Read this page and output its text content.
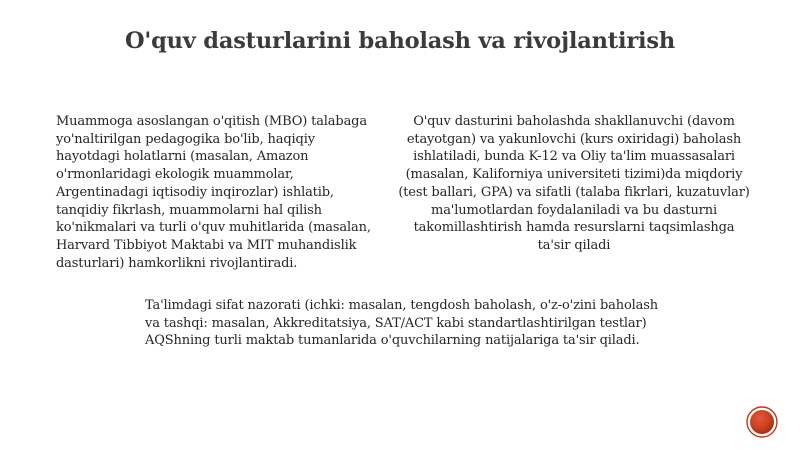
O'quv dasturlarini baholash va rivojlantirish
Muammoga asoslangan o'qitish (MBO) talabaga yo'naltirilgan pedagogika bo'lib, haqiqiy hayotdagi holatlarni (masalan, Amazon o'rmonlaridagi ekologik muammolar, Argentinadagi iqtisodiy inqirozlar) ishlatib, tanqidiy fikrlash, muammolarni hal qilish ko'nikmalari va turli o'quv muhitlarida (masalan, Harvard Tibbiyot Maktabi va MIT muhandislik dasturlari) hamkorlikni rivojlantiradi.
O'quv dasturini baholashda shakllanuvchi (davom etayotgan) va yakunlovchi (kurs oxiridagi) baholash ishlatiladi, bunda K-12 va Oliy ta'lim muassasalari (masalan, Kaliforniya universiteti tizimi)da miqdoriy (test ballari, GPA) va sifatli (talaba fikrlari, kuzatuvlar) ma'lumotlardan foydalaniladi va bu dasturni takomillashtirish hamda resurslarni taqsimlashga ta'sir qiladi
Ta'limdagi sifat nazorati (ichki: masalan, tengdosh baholash, o'z-o'zini baholash va tashqi: masalan, Akkreditatsiya, SAT/ACT kabi standartlashtirilgan testlar) AQShning turli maktab tumanlarida o'quvchilarning natijalariga ta'sir qiladi.
